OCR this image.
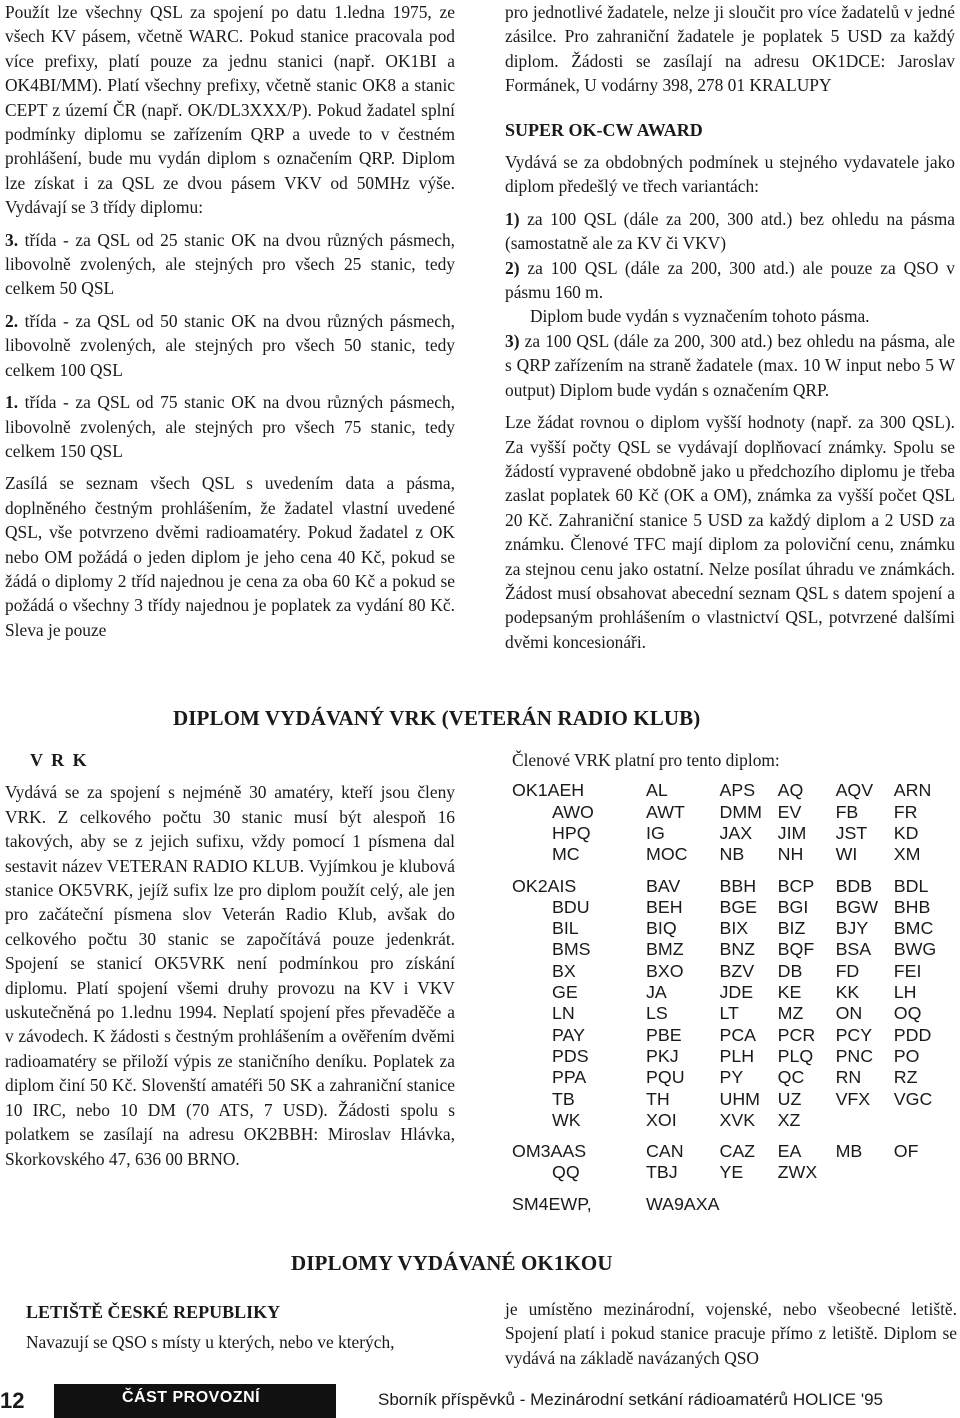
Použít lze všechny QSL za spojení po datu 1.ledna 1975, ze všech KV pásem, včetně WARC. Pokud stanice pracovala pod více prefixy, platí pouze za jednu stanici (např. OK1BI a OK4BI/MM). Platí všechny prefixy, včetně stanic OK8 a stanic CEPT z území ČR (např. OK/DL3XXX/P). Pokud žadatel splní podmínky diplomu se zařízením QRP a uvede to v čestném prohlášení, bude mu vydán diplom s označením QRP. Diplom lze získat i za QSL ze dvou pásem VKV od 50MHz výše. Vydávají se 3 třídy diplomu:

3. třída - za QSL od 25 stanic OK na dvou různých pásmech, libovolně zvolených, ale stejných pro všech 25 stanic, tedy celkem 50 QSL

2. třída - za QSL od 50 stanic OK na dvou různých pásmech, libovolně zvolených, ale stejných pro všech 50 stanic, tedy celkem 100 QSL

1. třída - za QSL od 75 stanic OK na dvou různých pásmech, libovolně zvolených, ale stejných pro všech 75 stanic, tedy celkem 150 QSL

Zasílá se seznam všech QSL s uvedením data a pásma, doplněného čestným prohlášením, že žadatel vlastní uvedené QSL, vše potvrzeno dvěmi radioamatéry. Pokud žadatel z OK nebo OM požádá o jeden diplom je jeho cena 40 Kč, pokud se žádá o diplomy 2 tříd najednou je cena za oba 60 Kč a pokud se požádá o všechny 3 třídy najednou je poplatek za vydání 80 Kč. Sleva je pouze

pro jednotlivé žadatele, nelze ji sloučit pro více žadatelů v jedné zásilce. Pro zahraniční žadatele je poplatek 5 USD za každý diplom. Žádosti se zasílají na adresu OK1DCE: Jaroslav Formánek, U vodárny 398, 278 01 KRALUPY

SUPER OK-CW AWARD

Vydává se za obdobných podmínek u stejného vydavatele jako diplom předešlý ve třech variantách:

1) za 100 QSL (dále za 200, 300 atd.) bez ohledu na pásma (samostatně ale za KV či VKV)

2) za 100 QSL (dále za 200, 300 atd.) ale pouze za QSO v pásmu 160 m.

Diplom bude vydán s vyznačením tohoto pásma.

3) za 100 QSL (dále za 200, 300 atd.) bez ohledu na pásma, ale s QRP zařízením na straně žadatele (max. 10 W input nebo 5 W output) Diplom bude vydán s označením QRP.

Lze žádat rovnou o diplom vyšší hodnoty (např. za 300 QSL). Za vyšší počty QSL se vydávají doplňovací známky. Spolu se žádostí vypravené obdobně jako u předchozího diplomu je třeba zaslat poplatek 60 Kč (OK a OM), známka za vyšší počet QSL 20 Kč. Zahraniční stanice 5 USD za každý diplom a 2 USD za známku. Členové TFC mají diplom za poloviční cenu, známku za stejnou cenu jako ostatní. Nelze posílat úhradu ve známkách. Žádost musí obsahovat abecední seznam QSL s datem spojení a podepsaným prohlášením o vlastnictví QSL, potvrzené dalšími dvěmi koncesionáři.

DIPLOM VYDÁVANÝ VRK (VETERÁN RADIO KLUB)

V R K

Vydává se za spojení s nejméně 30 amatéry, kteří jsou členy VRK. Z celkového počtu 30 stanic musí být alespoň 16 takových, aby se z jejich sufixu, vždy pomocí 1 písmena dal sestavit název VETERAN RADIO KLUB. Vyjímkou je klubová stanice OK5VRK, jejíž sufix lze pro diplom použít celý, ale jen pro začáteční písmena slov Veterán Radio Klub, avšak do celkového počtu 30 stanic se započítává pouze jedenkrát. Spojení se stanicí OK5VRK není podmínkou pro získání diplomu. Platí spojení všemi druhy provozu na KV i VKV uskutečněná po 1.lednu 1994. Neplatí spojení přes převaděče a v závodech. K žádosti s čestným prohlášením a ověřením dvěmi radioamatéry se přiloží výpis ze staničního deníku. Poplatek za diplom činí 50 Kč. Slovenští amatéři 50 SK a zahraniční stanice 10 IRC, nebo 10 DM (70 ATS, 7 USD). Žádosti spolu s polatkem se zasílají na adresu OK2BBH: Miroslav Hlávka, Skorkovského 47, 636 00 BRNO.

Členové VRK platní pro tento diplom:

OK1AEH	AL	APS	AQ	AQV	ARN
AWO	AWT	DMM	EV	FB	FR
HPQ	IG	JAX	JIM	JST	KD
MC	MOC	NB	NH	WI	XM
OK2AIS	BAV	BBH	BCP	BDB	BDL
BDU	BEH	BGE	BGI	BGW	BHB
BIL	BIQ	BIX	BIZ	BJY	BMC
BMS	BMZ	BNZ	BQF	BSA	BWG
BX	BXO	BZV	DB	FD	FEI
GE	JA	JDE	KE	KK	LH
LN	LS	LT	MZ	ON	OQ
PAY	PBE	PCA	PCR	PCY	PDD
PDS	PKJ	PLH	PLQ	PNC	PO
PPA	PQU	PY	QC	RN	RZ
TB	TH	UHM	UZ	VFX	VGC
WK	XOI	XVK	XZ		
OM3AAS	CAN	CAZ	EA	MB	OF
QQ	TBJ	YE	ZWX		
SM4EWP,	WA9AXA				
DIPLOMY VYDÁVANÉ OK1KOU

LETIŠTĚ ČESKÉ REPUBLIKY

Navazují se QSO s místy u kterých, nebo ve kterých,

je umístěno mezinárodní, vojenské, nebo všeobecné letiště. Spojení platí i pokud stanice pracuje přímo z letiště. Diplom se vydává na základě navázaných QSO

12	ČÁST PROVOZNÍ	Sborník příspěvků - Mezinárodní setkání rádioamatérů HOLICE '95
